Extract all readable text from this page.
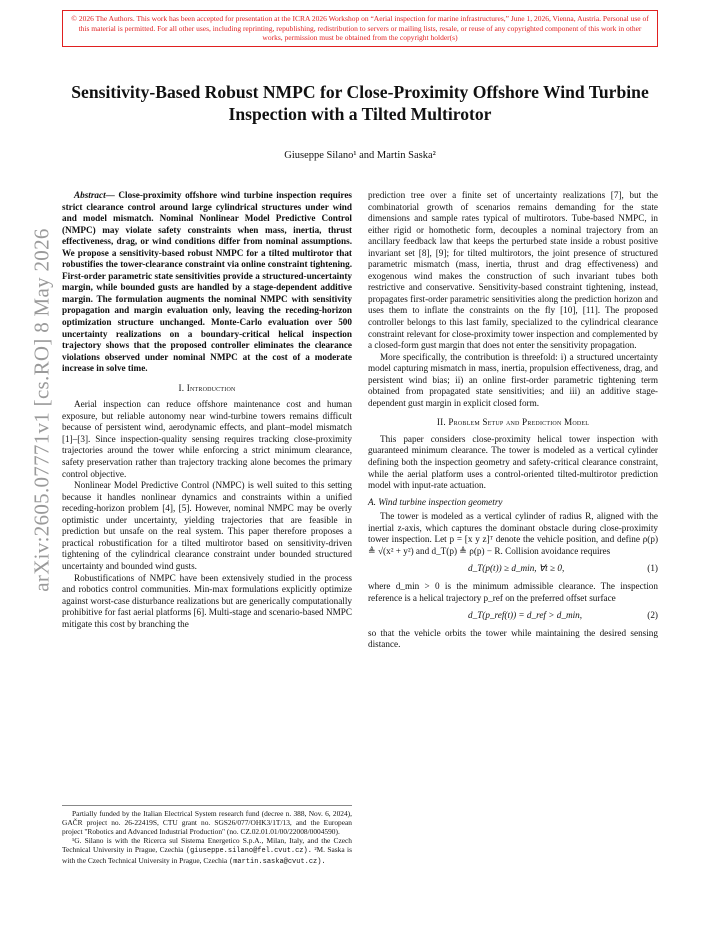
© 2026 The Authors. This work has been accepted for presentation at the ICRA 2026 Workshop on “Aerial inspection for marine infrastructures,” June 1, 2026, Vienna, Austria. Personal use of this material is permitted. For all other uses, including reprinting, republishing, redistribution to servers or mailing lists, resale, or reuse of any copyrighted component of this work in other works, permission must be obtained from the copyright holder(s)
arXiv:2605.07771v1 [cs.RO] 8 May 2026
Sensitivity-Based Robust NMPC for Close-Proximity Offshore Wind Turbine Inspection with a Tilted Multirotor
Giuseppe Silano¹ and Martin Saska²

Abstract— Close-proximity offshore wind turbine inspection requires strict clearance control around large cylindrical structures under wind and model mismatch. Nominal Nonlinear Model Predictive Control (NMPC) may violate safety constraints when mass, inertia, thrust effectiveness, drag, or wind conditions differ from nominal assumptions. We propose a sensitivity-based robust NMPC for a tilted multirotor that robustifies the tower-clearance constraint via online constraint tightening. First-order parametric state sensitivities provide a structured-uncertainty margin, while bounded gusts are handled by a stage-dependent additive margin. The formulation augments the nominal NMPC with sensitivity propagation and margin evaluation only, leaving the receding-horizon optimization structure unchanged. Monte-Carlo evaluation over 500 uncertainty realizations on a boundary-critical helical inspection trajectory shows that the proposed controller eliminates the clearance violations observed under nominal NMPC at the cost of a moderate increase in solve time.

I. Introduction

Aerial inspection can reduce offshore maintenance cost and human exposure, but reliable autonomy near wind-turbine towers remains difficult because of persistent wind, aerodynamic effects, and plant–model mismatch [1]–[3]. Since inspection-quality sensing requires tracking close-proximity trajectories around the tower while enforcing a strict minimum clearance, safety preservation rather than trajectory tracking alone becomes the primary control objective.

Nonlinear Model Predictive Control (NMPC) is well suited to this setting because it handles nonlinear dynamics and constraints within a unified receding-horizon problem [4], [5]. However, nominal NMPC may be overly optimistic under uncertainty, yielding trajectories that are feasible in prediction but unsafe on the real system. This paper therefore proposes a practical robustification for a tilted multirotor based on sensitivity-driven tightening of the cylindrical clearance constraint under bounded structured uncertainty and bounded wind gusts.

Robustifications of NMPC have been extensively studied in the process and robotics control communities. Min-max formulations explicitly optimize against worst-case disturbance realizations but are generically computationally prohibitive for fast aerial platforms [6]. Multi-stage and scenario-based NMPC mitigate this cost by branching the

Partially funded by the Italian Electrical System research fund (decree n. 388, Nov. 6, 2024), GAČR project no. 26-22419S, CTU grant no. SGS26/077/OHK3/1T/13, and the European project "Robotics and Advanced Industrial Production" (no. CZ.02.01.01/00/22008/0004590).

¹G. Silano is with the Ricerca sul Sistema Energetico S.p.A., Milan, Italy, and the Czech Technical University in Prague, Czechia (giuseppe.silano@fel.cvut.cz). ²M. Saska is with the Czech Technical University in Prague, Czechia (martin.saska@cvut.cz).

prediction tree over a finite set of uncertainty realizations [7], but the combinatorial growth of scenarios remains demanding for the state dimensions and sample rates typical of multirotors. Tube-based NMPC, in either rigid or homothetic form, decouples a nominal trajectory from an ancillary feedback law that keeps the perturbed state inside a robust positive invariant set [8], [9]; for tilted multirotors, the joint presence of structured parametric mismatch (mass, inertia, thrust and drag effectiveness) and exogenous wind makes the construction of such invariant tubes both restrictive and conservative. Sensitivity-based constraint tightening, instead, propagates first-order parametric sensitivities along the prediction horizon and uses them to inflate the constraints on the fly [10], [11]. The proposed controller belongs to this last family, specialized to the cylindrical clearance constraint relevant for close-proximity tower inspection and complemented by a closed-form gust margin that does not enter the sensitivity propagation.

More specifically, the contribution is threefold: i) a structured uncertainty model capturing mismatch in mass, inertia, propulsion effectiveness, drag, and persistent wind bias; ii) an online first-order parametric tightening term obtained from propagated state sensitivities; and iii) an additive stage-dependent gust margin in explicit closed form.

II. Problem Setup and Prediction Model

This paper considers close-proximity helical tower inspection with guaranteed minimum clearance. The tower is modeled as a vertical cylinder defining both the inspection geometry and safety-critical clearance constraint, while the aerial platform uses a control-oriented tilted-multirotor prediction model with input-rate actuation.

A. Wind turbine inspection geometry

The tower is modeled as a vertical cylinder of radius R, aligned with the inertial z-axis, which captures the dominant obstacle during close-proximity tower inspection. Let p = [x y z]ᵀ denote the vehicle position, and define ρ(p) ≜ √(x² + y²) and d_T(p) ≜ ρ(p) − R. Collision avoidance requires

d_T(p(t)) ≥ d_min, ∀t ≥ 0,	(1)

where d_min > 0 is the minimum admissible clearance. The inspection reference is a helical trajectory p_ref on the preferred offset surface

d_T(p_ref(t)) = d_ref > d_min,	(2)

so that the vehicle orbits the tower while maintaining the desired sensing distance.
